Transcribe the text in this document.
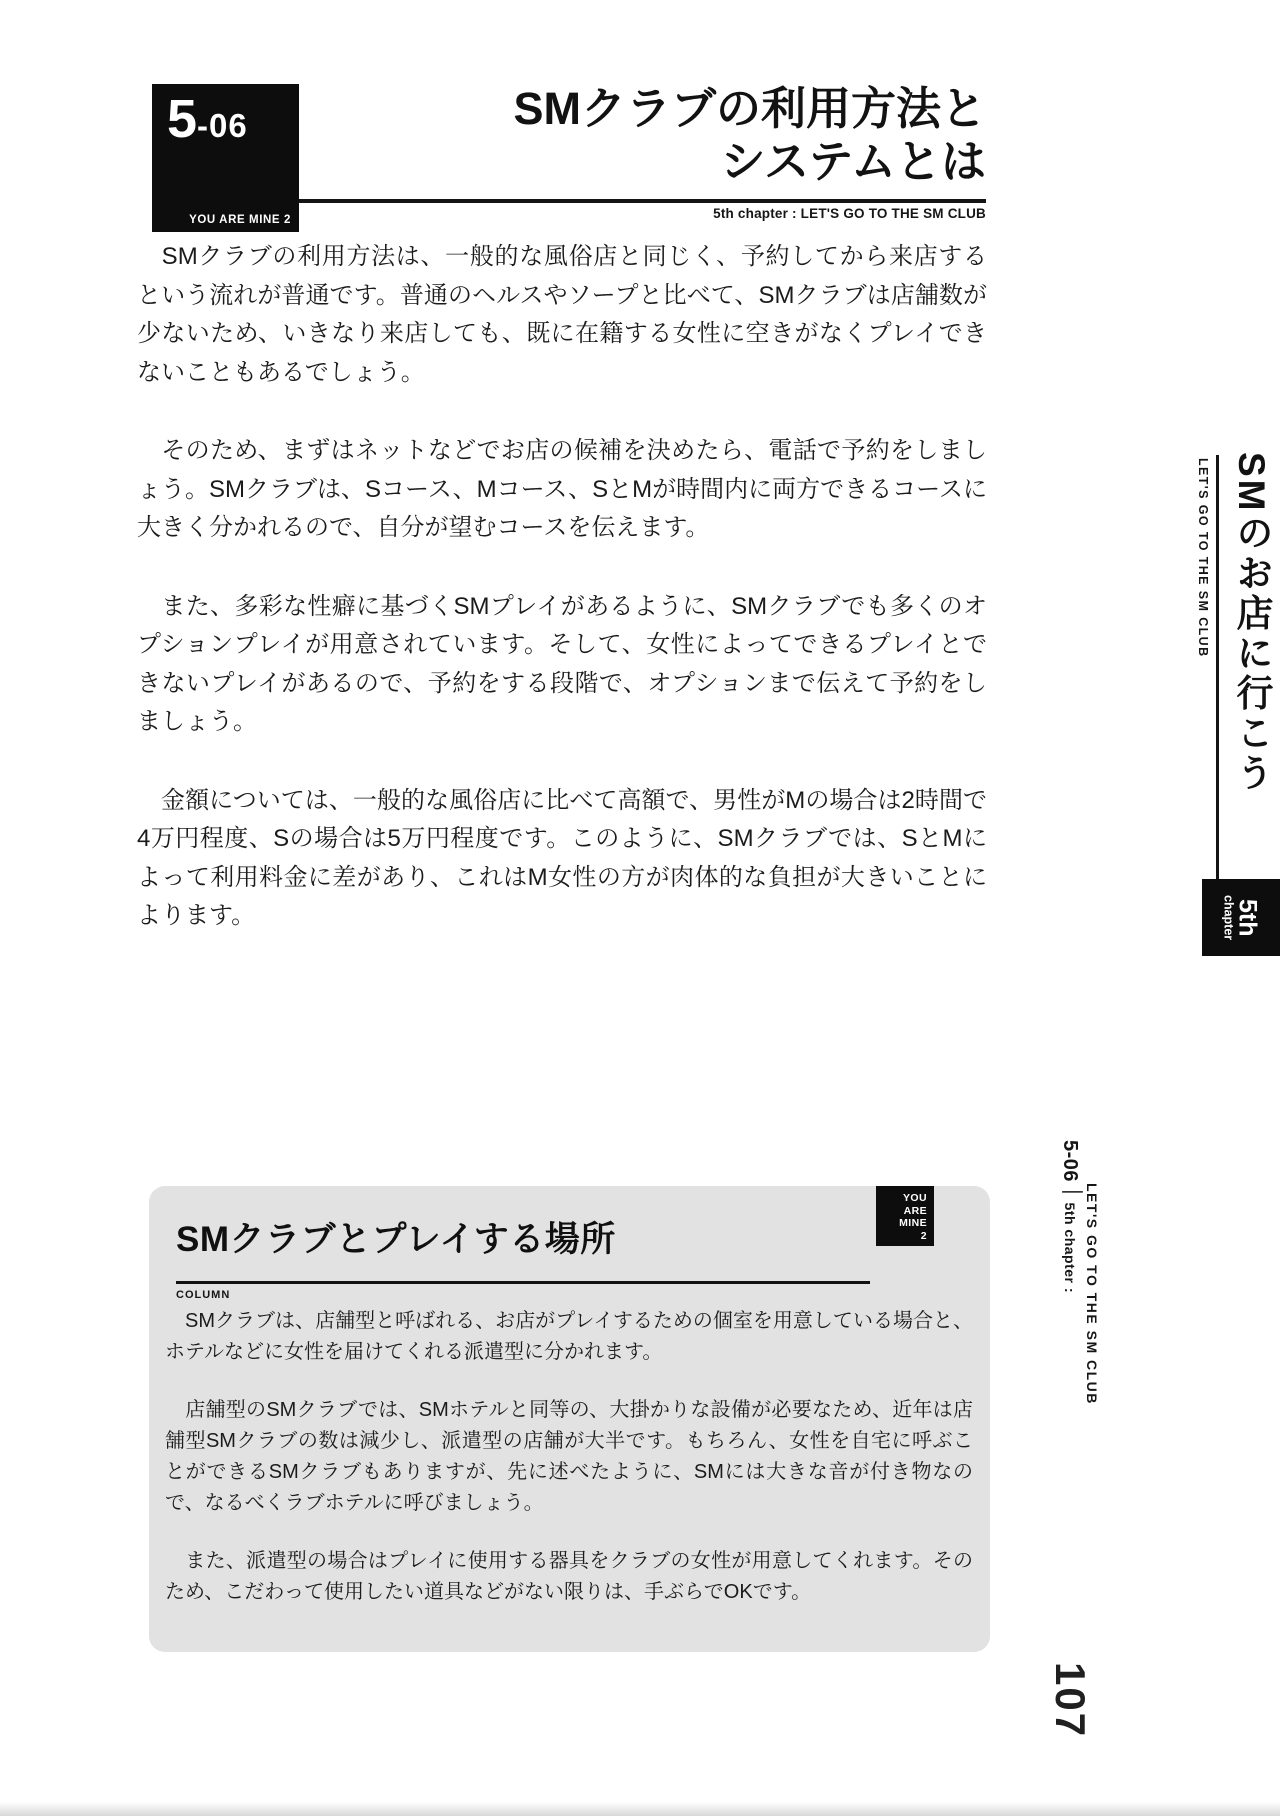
5-06
YOU ARE MINE 2
SMクラブの利用方法と
システムとは
5th chapter : LET'S GO TO THE SM CLUB

　SMクラブの利用方法は、一般的な風俗店と同じく、予約してから来店するという流れが普通です。普通のヘルスやソープと比べて、SMクラブは店舗数が少ないため、いきなり来店しても、既に在籍する女性に空きがなくプレイできないこともあるでしょう。

　そのため、まずはネットなどでお店の候補を決めたら、電話で予約をしましょう。SMクラブは、Sコース、Mコース、SとMが時間内に両方できるコースに大きく分かれるので、自分が望むコースを伝えます。

　また、多彩な性癖に基づくSMプレイがあるように、SMクラブでも多くのオプションプレイが用意されています。そして、女性によってできるプレイとできないプレイがあるので、予約をする段階で、オプションまで伝えて予約をしましょう。

　金額については、一般的な風俗店に比べて高額で、男性がMの場合は2時間で4万円程度、Sの場合は5万円程度です。このように、SMクラブでは、SとMによって利用料金に差があり、これはM女性の方が肉体的な負担が大きいことによります。

SMのお店に行こう
LET'S GO TO THE SM CLUB
5th
chapter
SMクラブとプレイする場所
COLUMN
YOU
ARE
MINE
2

　SMクラブは、店舗型と呼ばれる、お店がプレイするための個室を用意している場合と、ホテルなどに女性を届けてくれる派遣型に分かれます。

　店舗型のSMクラブでは、SMホテルと同等の、大掛かりな設備が必要なため、近年は店舗型SMクラブの数は減少し、派遣型の店舗が大半です。もちろん、女性を自宅に呼ぶことができるSMクラブもありますが、先に述べたように、SMには大きな音が付き物なので、なるべくラブホテルに呼びましょう。

　また、派遣型の場合はプレイに使用する器具をクラブの女性が用意してくれます。そのため、こだわって使用したい道具などがない限りは、手ぶらでOKです。

5-06｜5th chapter : LET'S GO TO THE SM CLUB
107
